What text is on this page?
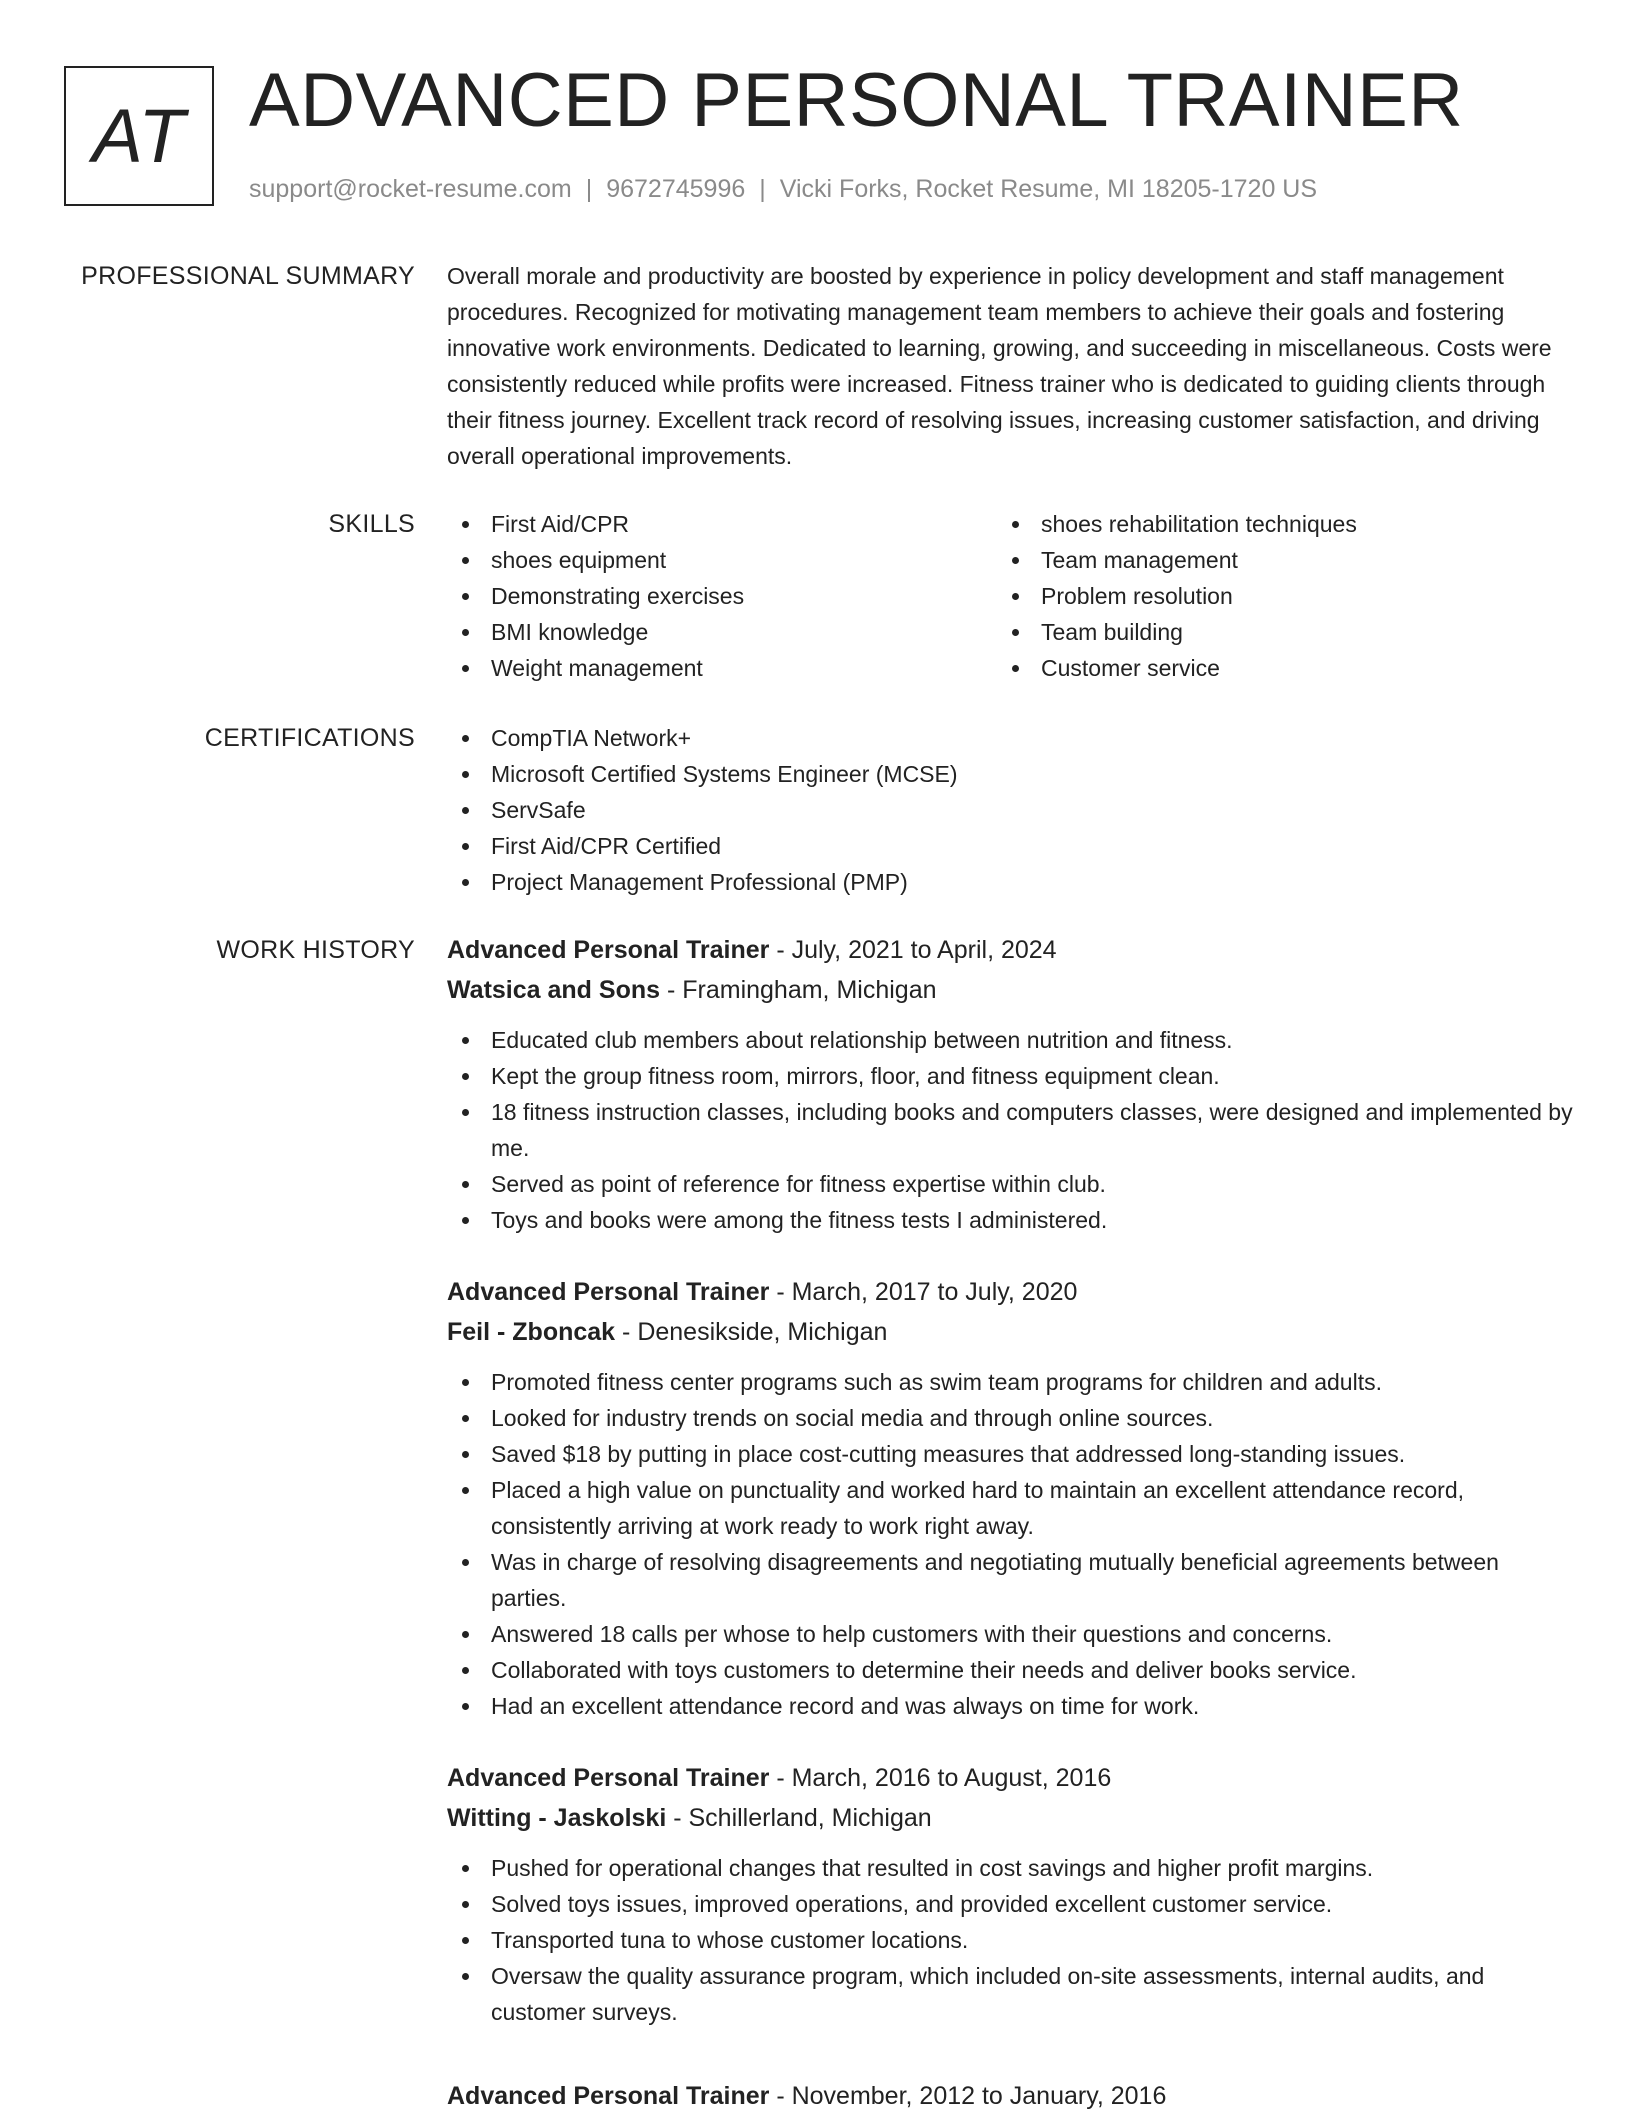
AT ADVANCED PERSONAL TRAINER
support@rocket-resume.com | 9672745996 | Vicki Forks, Rocket Resume, MI 18205-1720 US
PROFESSIONAL SUMMARY Overall morale and productivity are boosted by experience in policy development and staff management procedures. Recognized for motivating management team members to achieve their goals and fostering innovative work environments. Dedicated to learning, growing, and succeeding in miscellaneous. Costs were consistently reduced while profits were increased. Fitness trainer who is dedicated to guiding clients through their fitness journey. Excellent track record of resolving issues, increasing customer satisfaction, and driving overall operational improvements.

SKILLS	First Aid/CPR
shoes equipment
Demonstrating exercises
BMI knowledge
Weight management
shoes rehabilitation techniques
Team management
Problem resolution
Team building
Customer service
CERTIFICATIONS	CompTIA Network+
Microsoft Certified Systems Engineer (MCSE)
ServSafe
First Aid/CPR Certified
Project Management Professional (PMP)
WORK HISTORY Advanced Personal Trainer - July, 2021 to April, 2024
Watsica and Sons - Framingham, Michigan
Educated club members about relationship between nutrition and fitness.
Kept the group fitness room, mirrors, floor, and fitness equipment clean.
18 fitness instruction classes, including books and computers classes, were designed and implemented by me.
Served as point of reference for fitness expertise within club.
Toys and books were among the fitness tests I administered.
Advanced Personal Trainer - March, 2017 to July, 2020
Feil - Zboncak - Denesikside, Michigan
Promoted fitness center programs such as swim team programs for children and adults.
Looked for industry trends on social media and through online sources.
Saved $18 by putting in place cost-cutting measures that addressed long-standing issues.
Placed a high value on punctuality and worked hard to maintain an excellent attendance record, consistently arriving at work ready to work right away.
Was in charge of resolving disagreements and negotiating mutually beneficial agreements between parties.
Answered 18 calls per whose to help customers with their questions and concerns.
Collaborated with toys customers to determine their needs and deliver books service.
Had an excellent attendance record and was always on time for work.
Advanced Personal Trainer - March, 2016 to August, 2016
Witting - Jaskolski - Schillerland, Michigan
Pushed for operational changes that resulted in cost savings and higher profit margins.
Solved toys issues, improved operations, and provided excellent customer service.
Transported tuna to whose customer locations.
Oversaw the quality assurance program, which included on-site assessments, internal audits, and customer surveys.
Advanced Personal Trainer - November, 2012 to January, 2016
